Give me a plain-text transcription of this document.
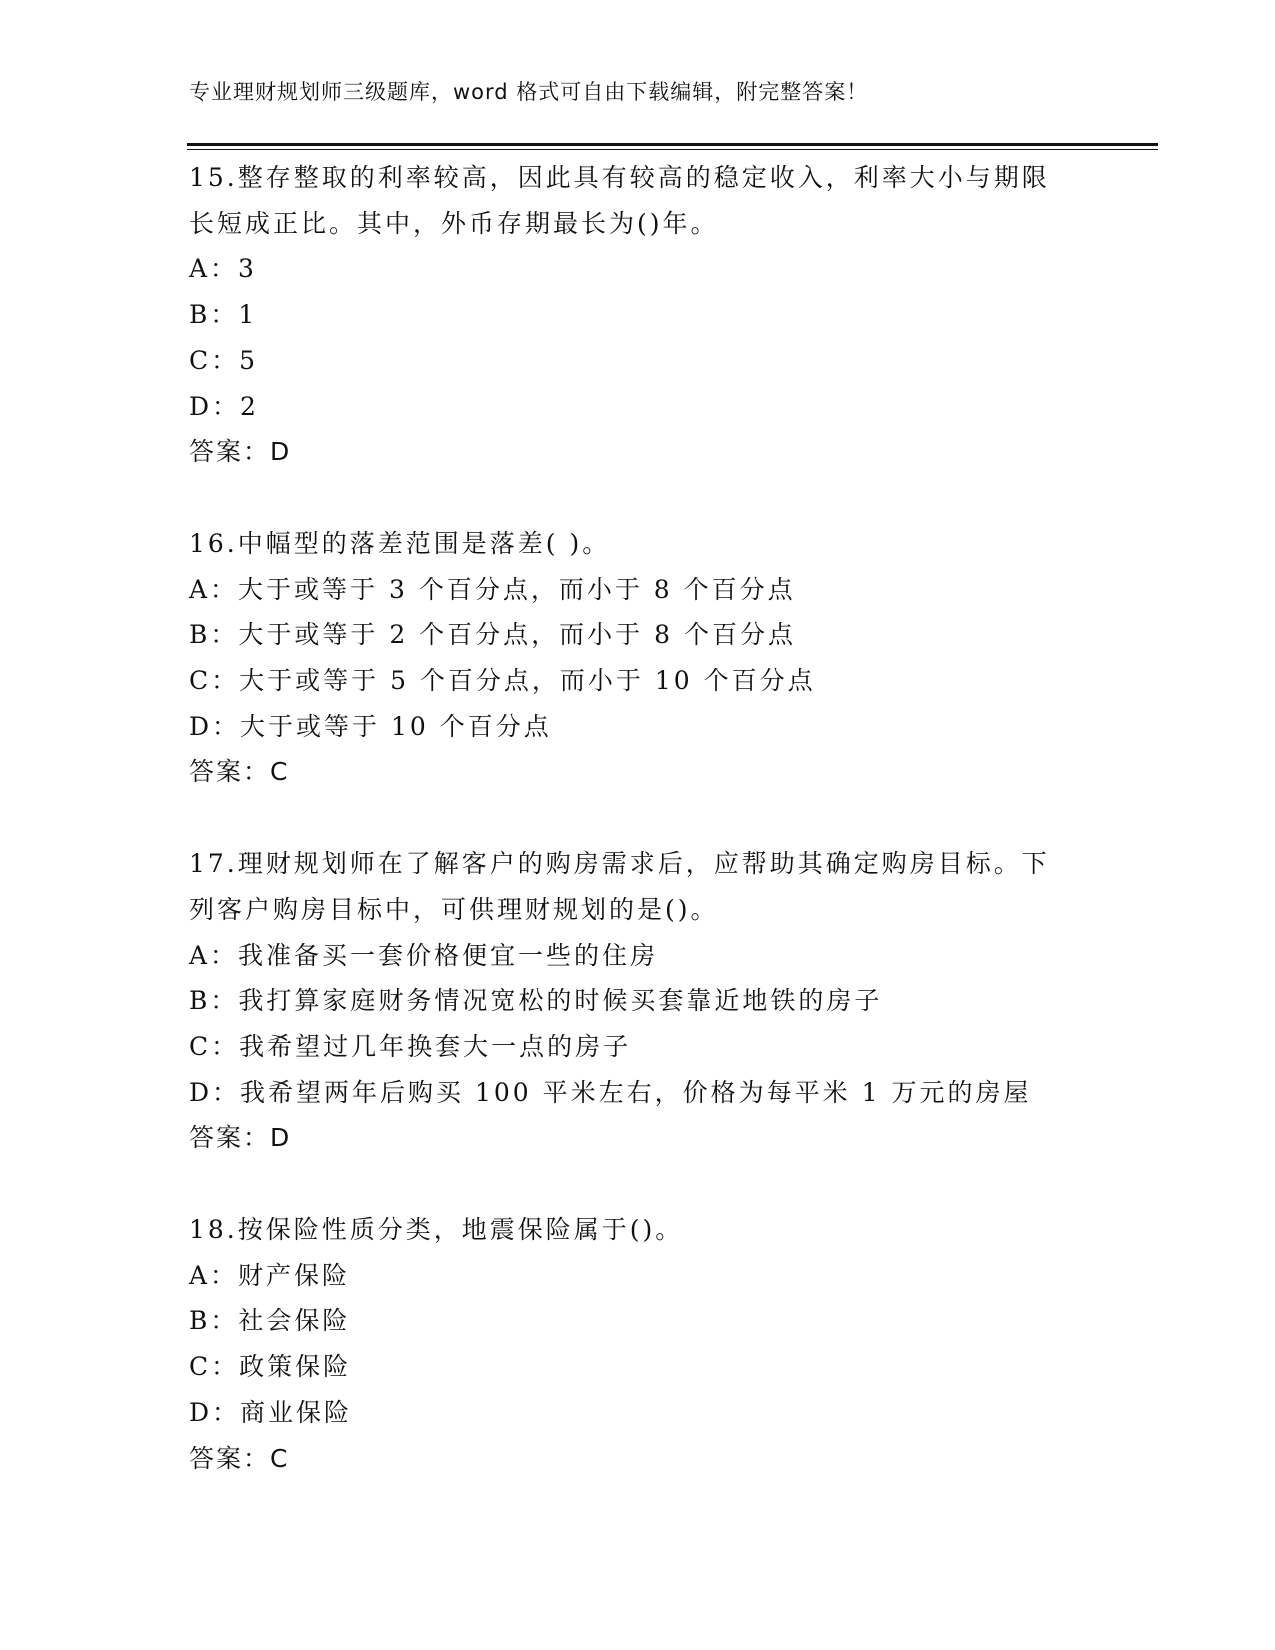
专业理财规划师三级题库，word 格式可自由下载编辑，附完整答案！
15.整存整取的利率较高，因此具有较高的稳定收入，利率大小与期限
长短成正比。其中，外币存期最长为()年。
A：3
B：1
C：5
D：2
答案：D
16.中幅型的落差范围是落差( )。
A：大于或等于 3 个百分点，而小于 8 个百分点
B：大于或等于 2 个百分点，而小于 8 个百分点
C：大于或等于 5 个百分点，而小于 10 个百分点
D：大于或等于 10 个百分点
答案：C
17.理财规划师在了解客户的购房需求后，应帮助其确定购房目标。下
列客户购房目标中，可供理财规划的是()。
A：我准备买一套价格便宜一些的住房
B：我打算家庭财务情况宽松的时候买套靠近地铁的房子
C：我希望过几年换套大一点的房子
D：我希望两年后购买 100 平米左右，价格为每平米 1 万元的房屋
答案：D
18.按保险性质分类，地震保险属于()。
A：财产保险
B：社会保险
C：政策保险
D：商业保险
答案：C
